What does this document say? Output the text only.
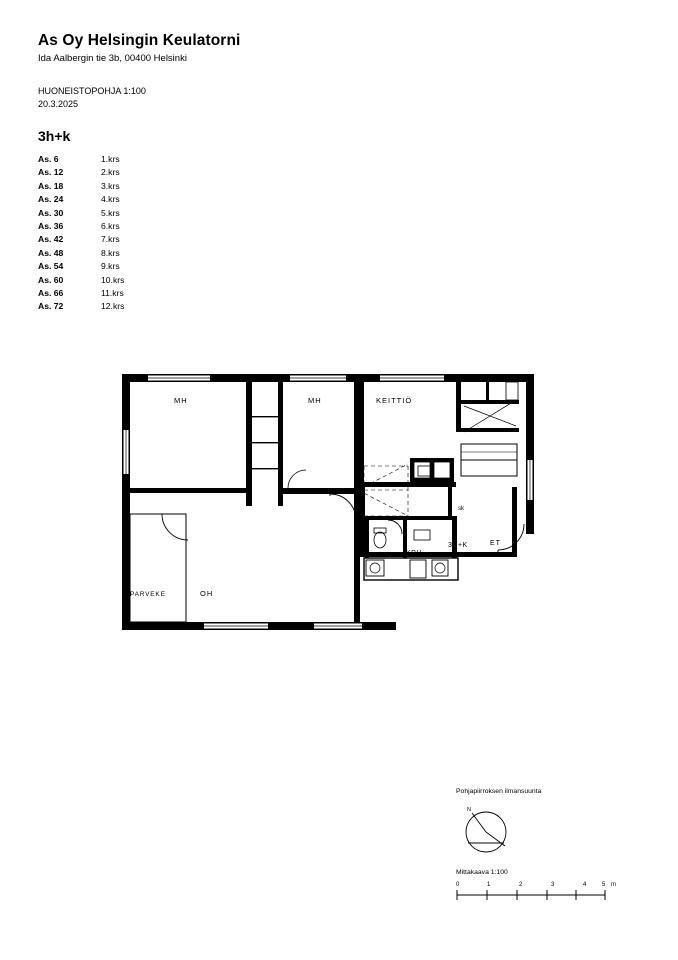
As Oy Helsingin Keulatorni
Ida Aalbergin tie 3b, 00400 Helsinki
HUONEISTOPOHJA 1:100
20.3.2025
3h+k
As. 6	1.krs
As. 12	2.krs
As. 18	3.krs
As. 24	4.krs
As. 30	5.krs
As. 36	6.krs
As. 42	7.krs
As. 48	8.krs
As. 54	9.krs
As. 60	10.krs
As. 66	11.krs
As. 72	12.krs
MH	MH	KEITTIÖ
OH
PARVEKE
ET
3H+K
KPH
sk
Pohjapiirroksen ilmansuunta
N
Mittakaava 1:100
0	1	2	3	4	5 m
